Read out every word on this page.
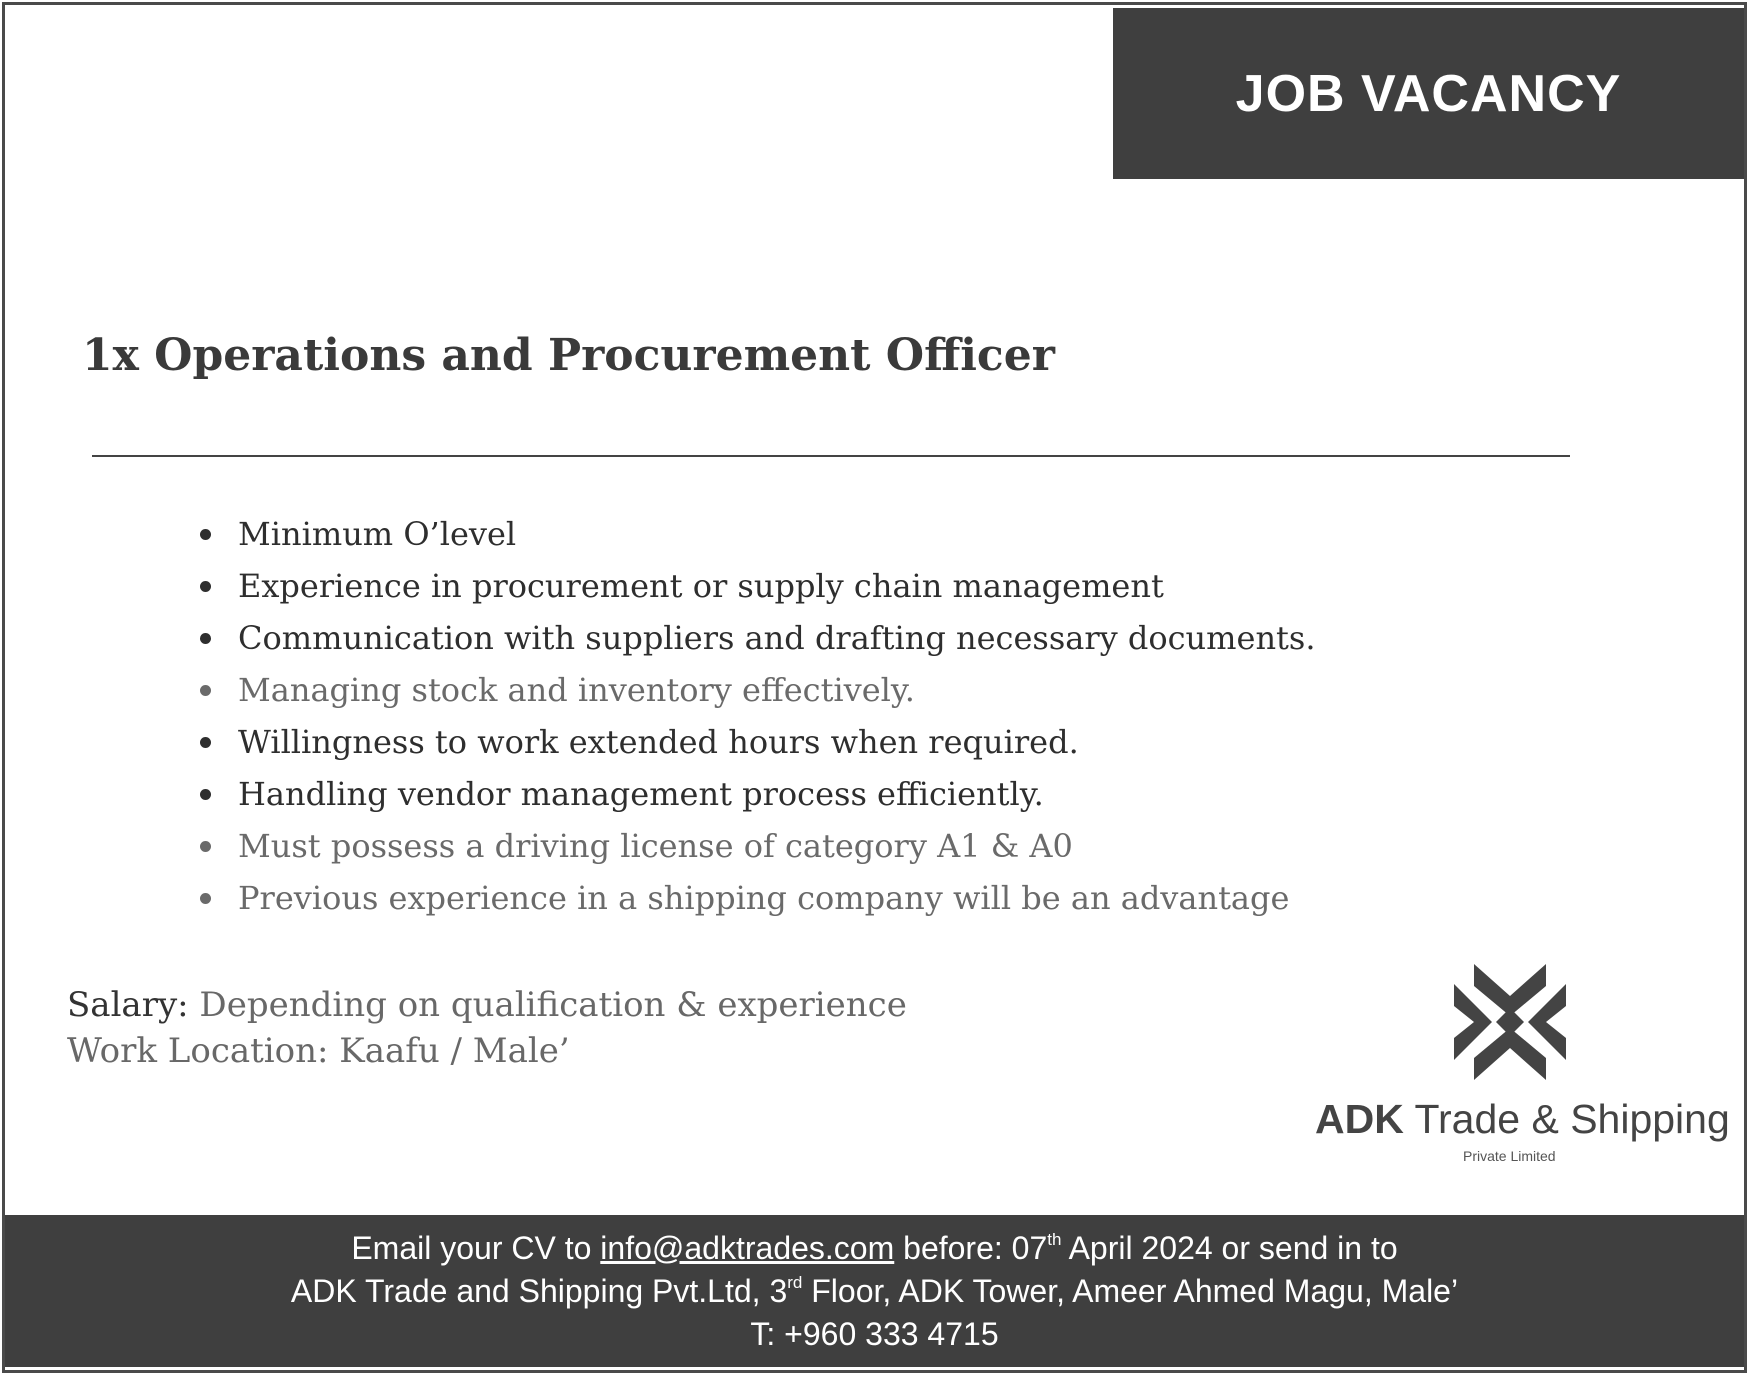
JOB VACANCY
1x Operations and Procurement Officer
Minimum O’level
Experience in procurement or supply chain management
Communication with suppliers and drafting necessary documents.
Managing stock and inventory effectively.
Willingness to work extended hours when required.
Handling vendor management process efficiently.
Must possess a driving license of category A1 & A0
Previous experience in a shipping company will be an advantage
Salary: Depending on qualification & experience
Work Location: Kaafu / Male’
ADK Trade & Shipping
Private Limited
Email your CV to info@adktrades.com before: 07th April 2024 or send in to
ADK Trade and Shipping Pvt.Ltd, 3rd Floor, ADK Tower, Ameer Ahmed Magu, Male’
T: +960 333 4715
